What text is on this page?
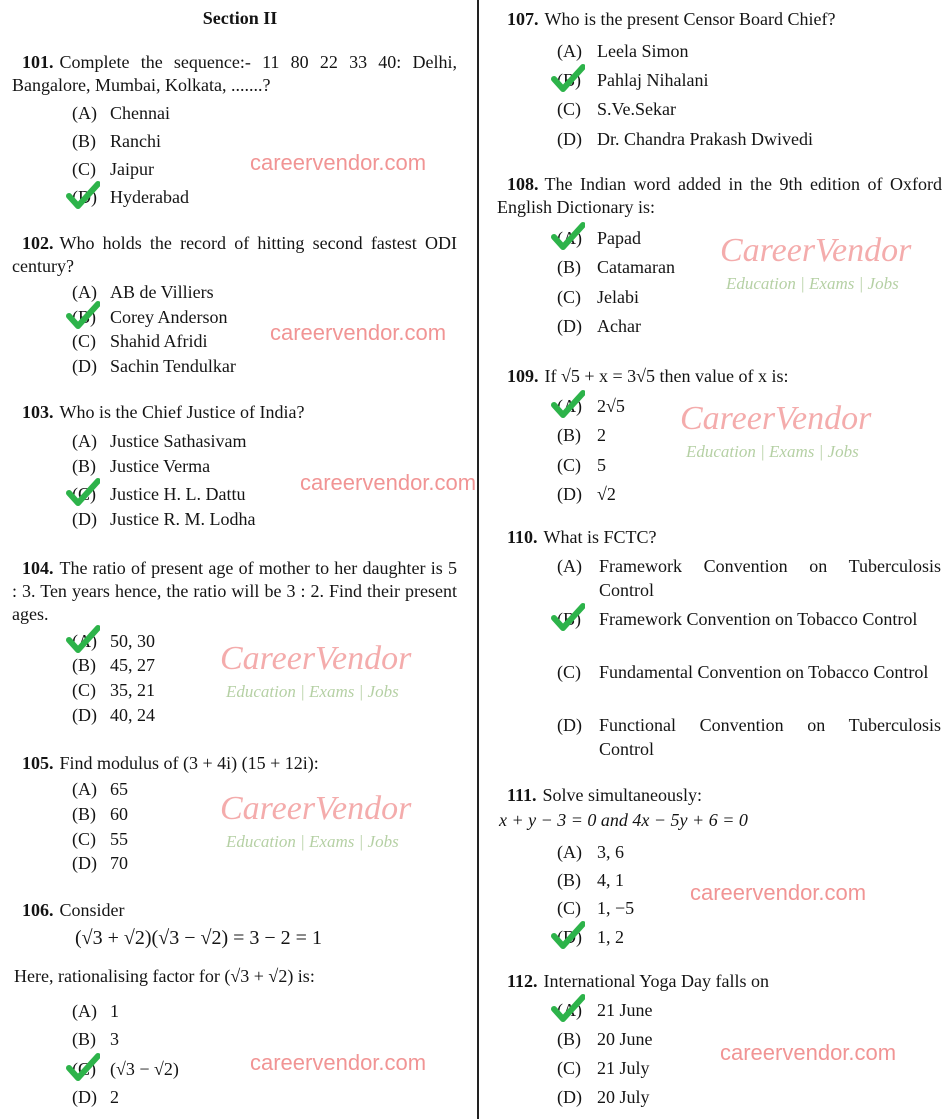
Section II
101. Complete the sequence:- 11 80 22 33 40: Delhi, Bangalore, Mumbai, Kolkata, .......?
(A) Chennai
(B) Ranchi
(C) Jaipur
(D) Hyderabad
102. Who holds the record of hitting second fastest ODI century?
(A) AB de Villiers
(B) Corey Anderson
(C) Shahid Afridi
(D) Sachin Tendulkar
103. Who is the Chief Justice of India?
(A) Justice Sathasivam
(B) Justice Verma
(C) Justice H. L. Dattu
(D) Justice R. M. Lodha
104. The ratio of present age of mother to her daughter is 5 : 3. Ten years hence, the ratio will be 3 : 2. Find their present ages.
(A) 50, 30
(B) 45, 27
(C) 35, 21
(D) 40, 24
105. Find modulus of (3 + 4i) (15 + 12i):
(A) 65
(B) 60
(C) 55
(D) 70
106. Consider
(√3 + √2)(√3 − √2) = 3 − 2 = 1
Here, rationalising factor for (√3 + √2) is:
(A) 1
(B) 3
(C) (√3 − √2)
(D) 2
107. Who is the present Censor Board Chief?
(A) Leela Simon
(B) Pahlaj Nihalani
(C) S.Ve.Sekar
(D) Dr. Chandra Prakash Dwivedi
108. The Indian word added in the 9th edition of Oxford English Dictionary is:
(A) Papad
(B) Catamaran
(C) Jelabi
(D) Achar
109. If √5 + x = 3√5 then value of x is:
(A) 2√5
(B) 2
(C) 5
(D) √2
110. What is FCTC?
(A) Framework Convention on Tuberculosis Control
(B) Framework Convention on Tobacco Control
(C) Fundamental Convention on Tobacco Control
(D) Functional Convention on Tuberculosis Control
111. Solve simultaneously:
x + y − 3 = 0 and 4x − 5y + 6 = 0
(A) 3, 6
(B) 4, 1
(C) 1, −5
(D) 1, 2
112. International Yoga Day falls on
(A) 21 June
(B) 20 June
(C) 21 July
(D) 20 July
careervendor.com
careervendor.com
careervendor.com
careervendor.com
careervendor.com
careervendor.com
CareerVendor
Education | Exams | Jobs
CareerVendor
Education | Exams | Jobs
CareerVendor
Education | Exams | Jobs
CareerVendor
Education | Exams | Jobs
